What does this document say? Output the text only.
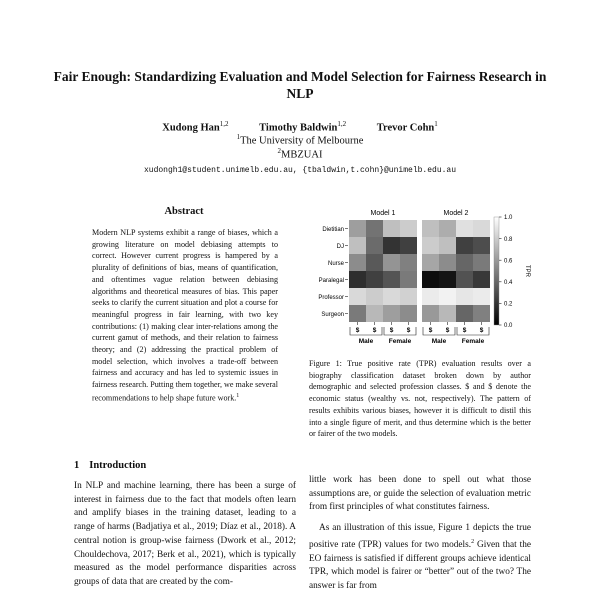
Fair Enough: Standardizing Evaluation and Model Selection for Fairness Research in NLP
Xudong Han$^{1,2}$	Timothy Baldwin$^{1,2}$	Trevor Cohn$^1$
$^1$The University of Melbourne
$^2$MBZUAI
xudongh1@student.unimelb.edu.au, {tbaldwin,t.cohn}@unimelb.edu.au
Abstract
Modern NLP systems exhibit a range of biases, which a growing literature on model debiasing attempts to correct. However current progress is hampered by a plurality of definitions of bias, means of quantification, and oftentimes vague relation between debiasing algorithms and theoretical measures of bias. This paper seeks to clarify the current situation and plot a course for meaningful progress in fair learning, with two key contributions: (1) making clear inter-relations among the current gamut of methods, and their relation to fairness theory; and (2) addressing the practical problem of model selection, which involves a trade-off between fairness and accuracy and has led to systemic issues in fairness research. Putting them together, we make several recommendations to help shape future work.$^1$
1 Introduction

In NLP and machine learning, there has been a surge of interest in fairness due to the fact that models often learn and amplify biases in the training dataset, leading to a range of harms (Badjatiya et al., 2019; Díaz et al., 2018). A central notion is group-wise fairness (Dwork et al., 2012; Chouldechova, 2017; Berk et al., 2021), which is typically measured as the model performance disparities across groups of data that are created by the com-

Dietitian
DJ
Nurse
Paralegal
Professor
Surgeon
Model 1
$ $ $ $
Male Female
Model 2
$ $ $ $
Male Female
0.0
0.2
0.4
0.6
0.8
1.0
TPR
Figure 1: True positive rate (TPR) evaluation results over a biography classification dataset broken down by author demographic and selected profession classes. $ and $ denote the economic status (wealthy vs. not, respectively). The pattern of results exhibits various biases, however it is difficult to distil this into a single figure of merit, and thus determine which is the better or fairer of the two models.

little work has been done to spell out what those assumptions are, or guide the selection of evaluation metric from first principles of what constitutes fairness.

As an illustration of this issue, Figure 1 depicts the true positive rate (TPR) values for two models.$^2$ Given that the EO fairness is satisfied if different groups achieve identical TPR, which model is fairer or “better” out of the two? The answer is far from
